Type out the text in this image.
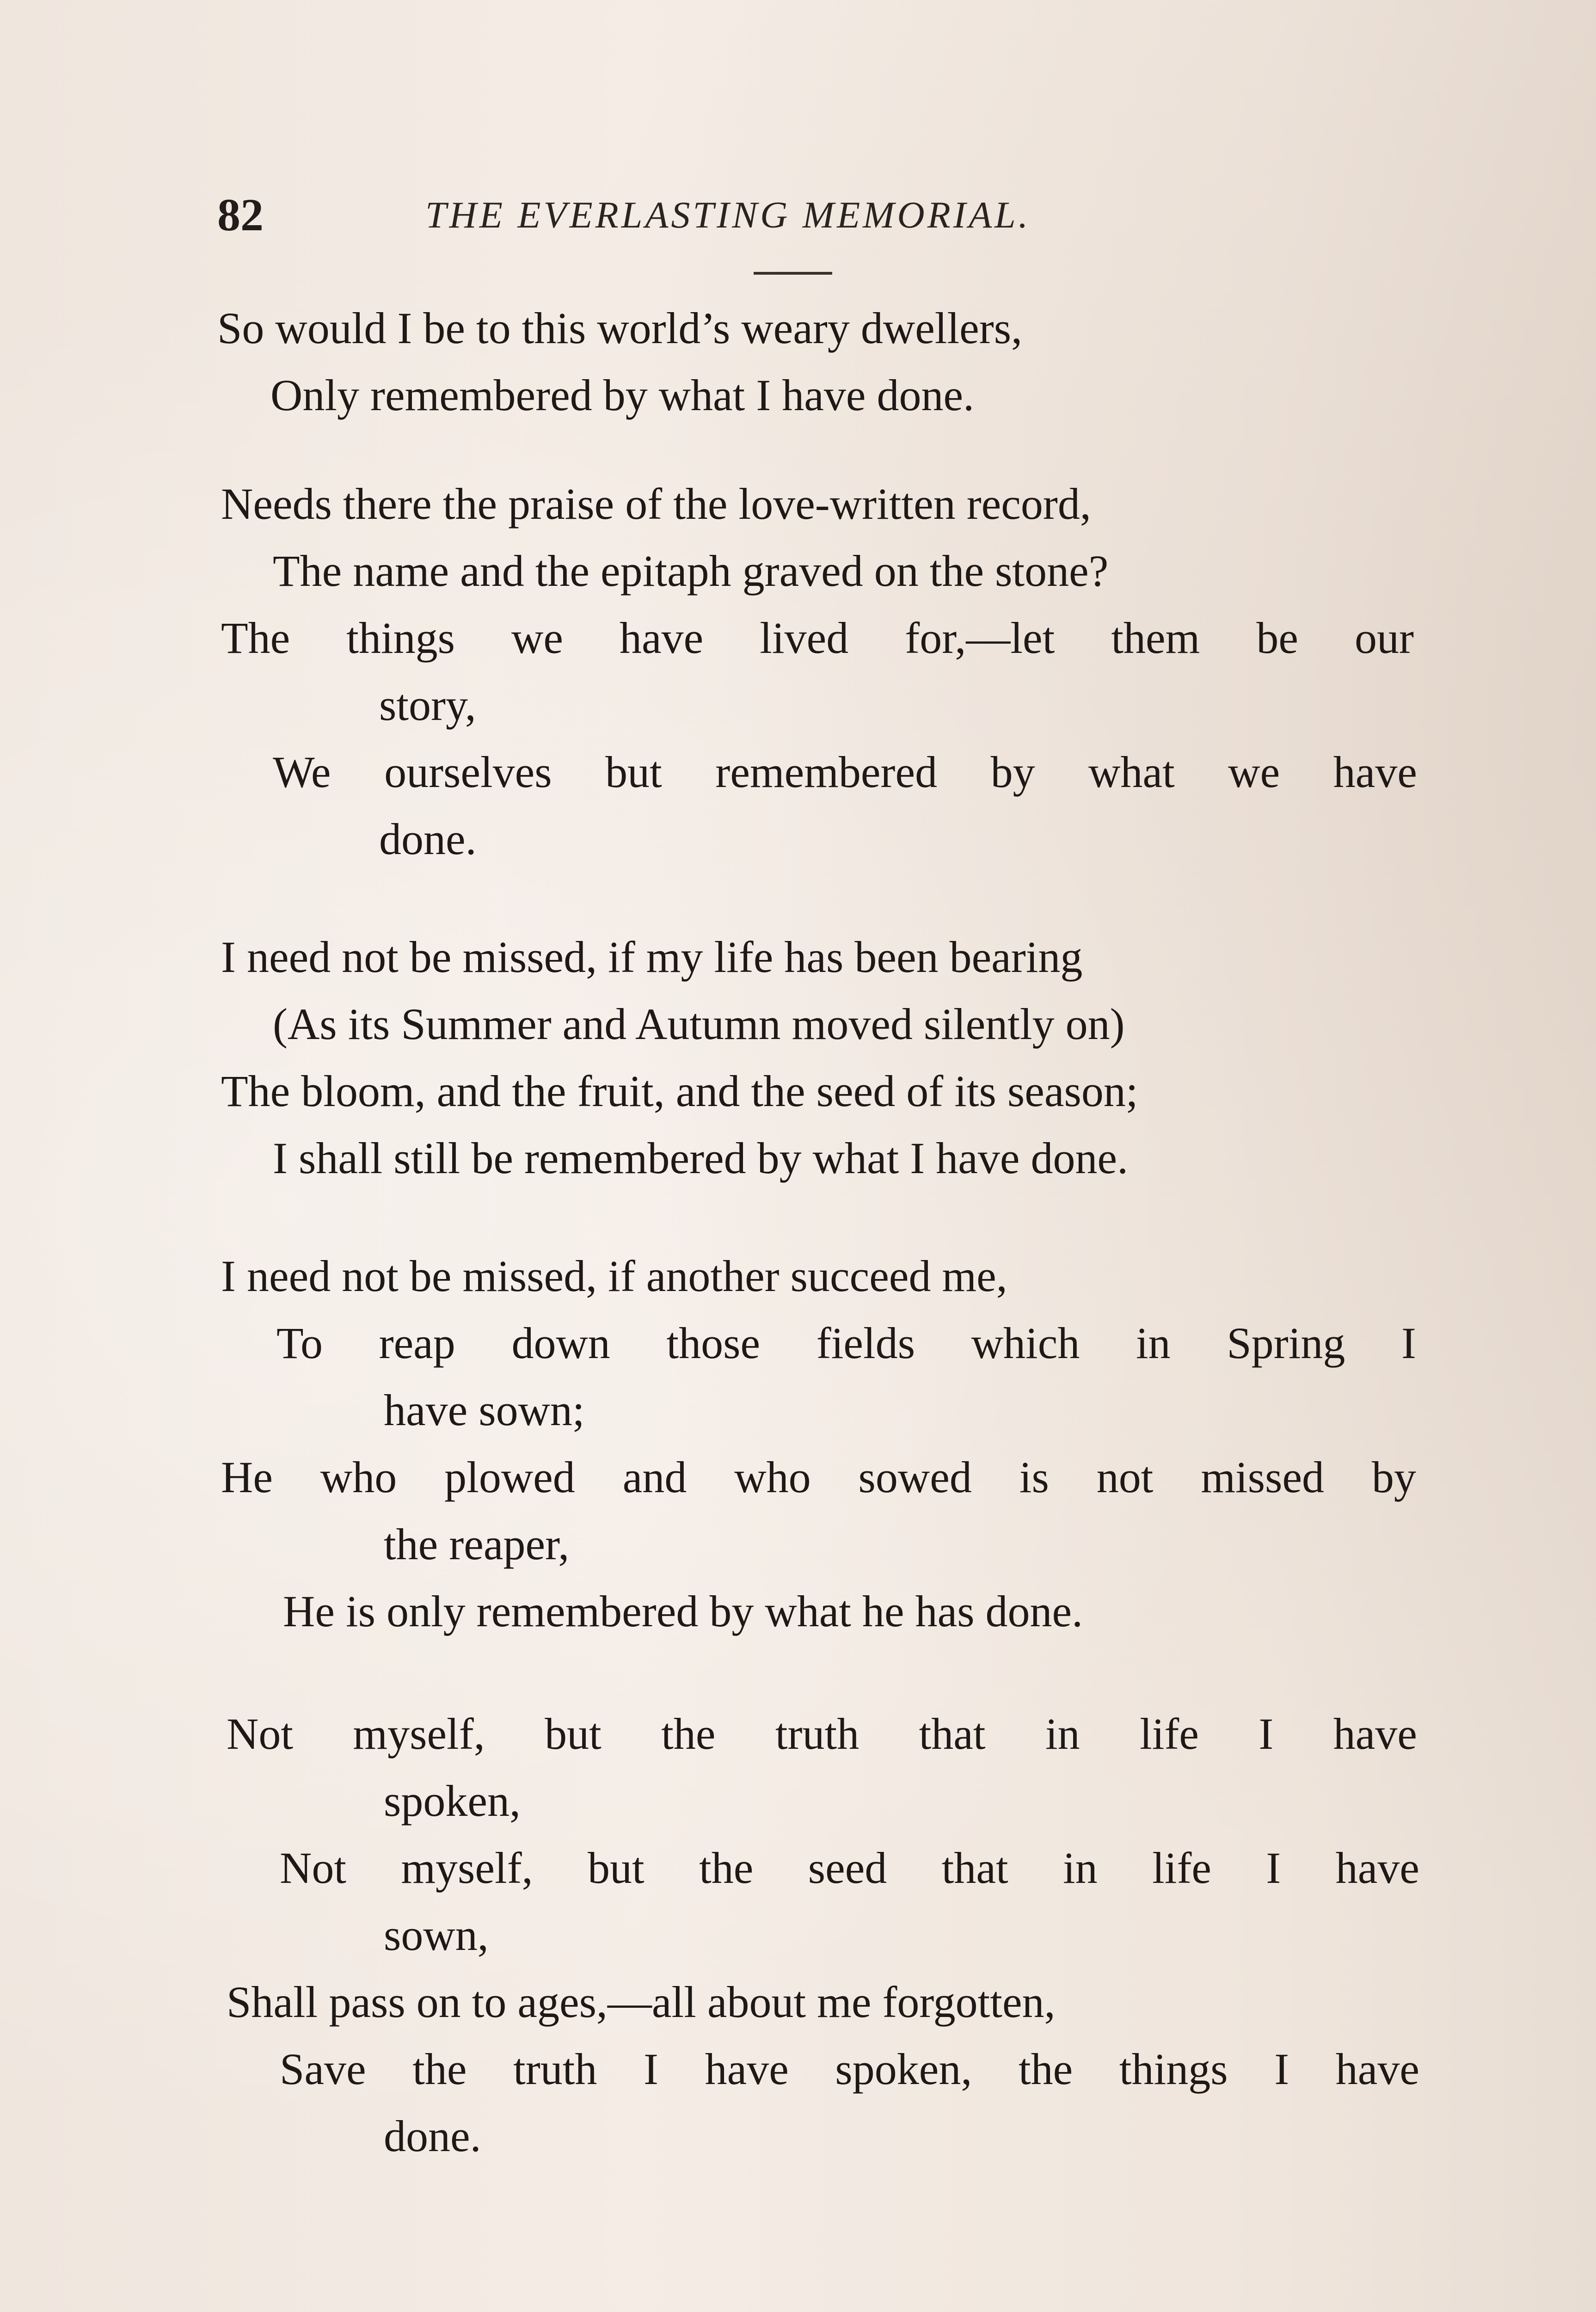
82	THE EVERLASTING MEMORIAL.
So would I be to this world’s weary dwellers,
Only remembered by what I have done.
Needs there the praise of the love-written record,
The name and the epitaph graved on the stone?
The things we have lived for,—let them be our
story,
We ourselves but remembered by what we have
done.
I need not be missed, if my life has been bearing
(As its Summer and Autumn moved silently on)
The bloom, and the fruit, and the seed of its season;
I shall still be remembered by what I have done.
I need not be missed, if another succeed me,
To reap down those fields which in Spring I
have sown;
He who plowed and who sowed is not missed by
the reaper,
He is only remembered by what he has done.
Not myself, but the truth that in life I have
spoken,
Not myself, but the seed that in life I have
sown,
Shall pass on to ages,—all about me forgotten,
Save the truth I have spoken, the things I have
done.
